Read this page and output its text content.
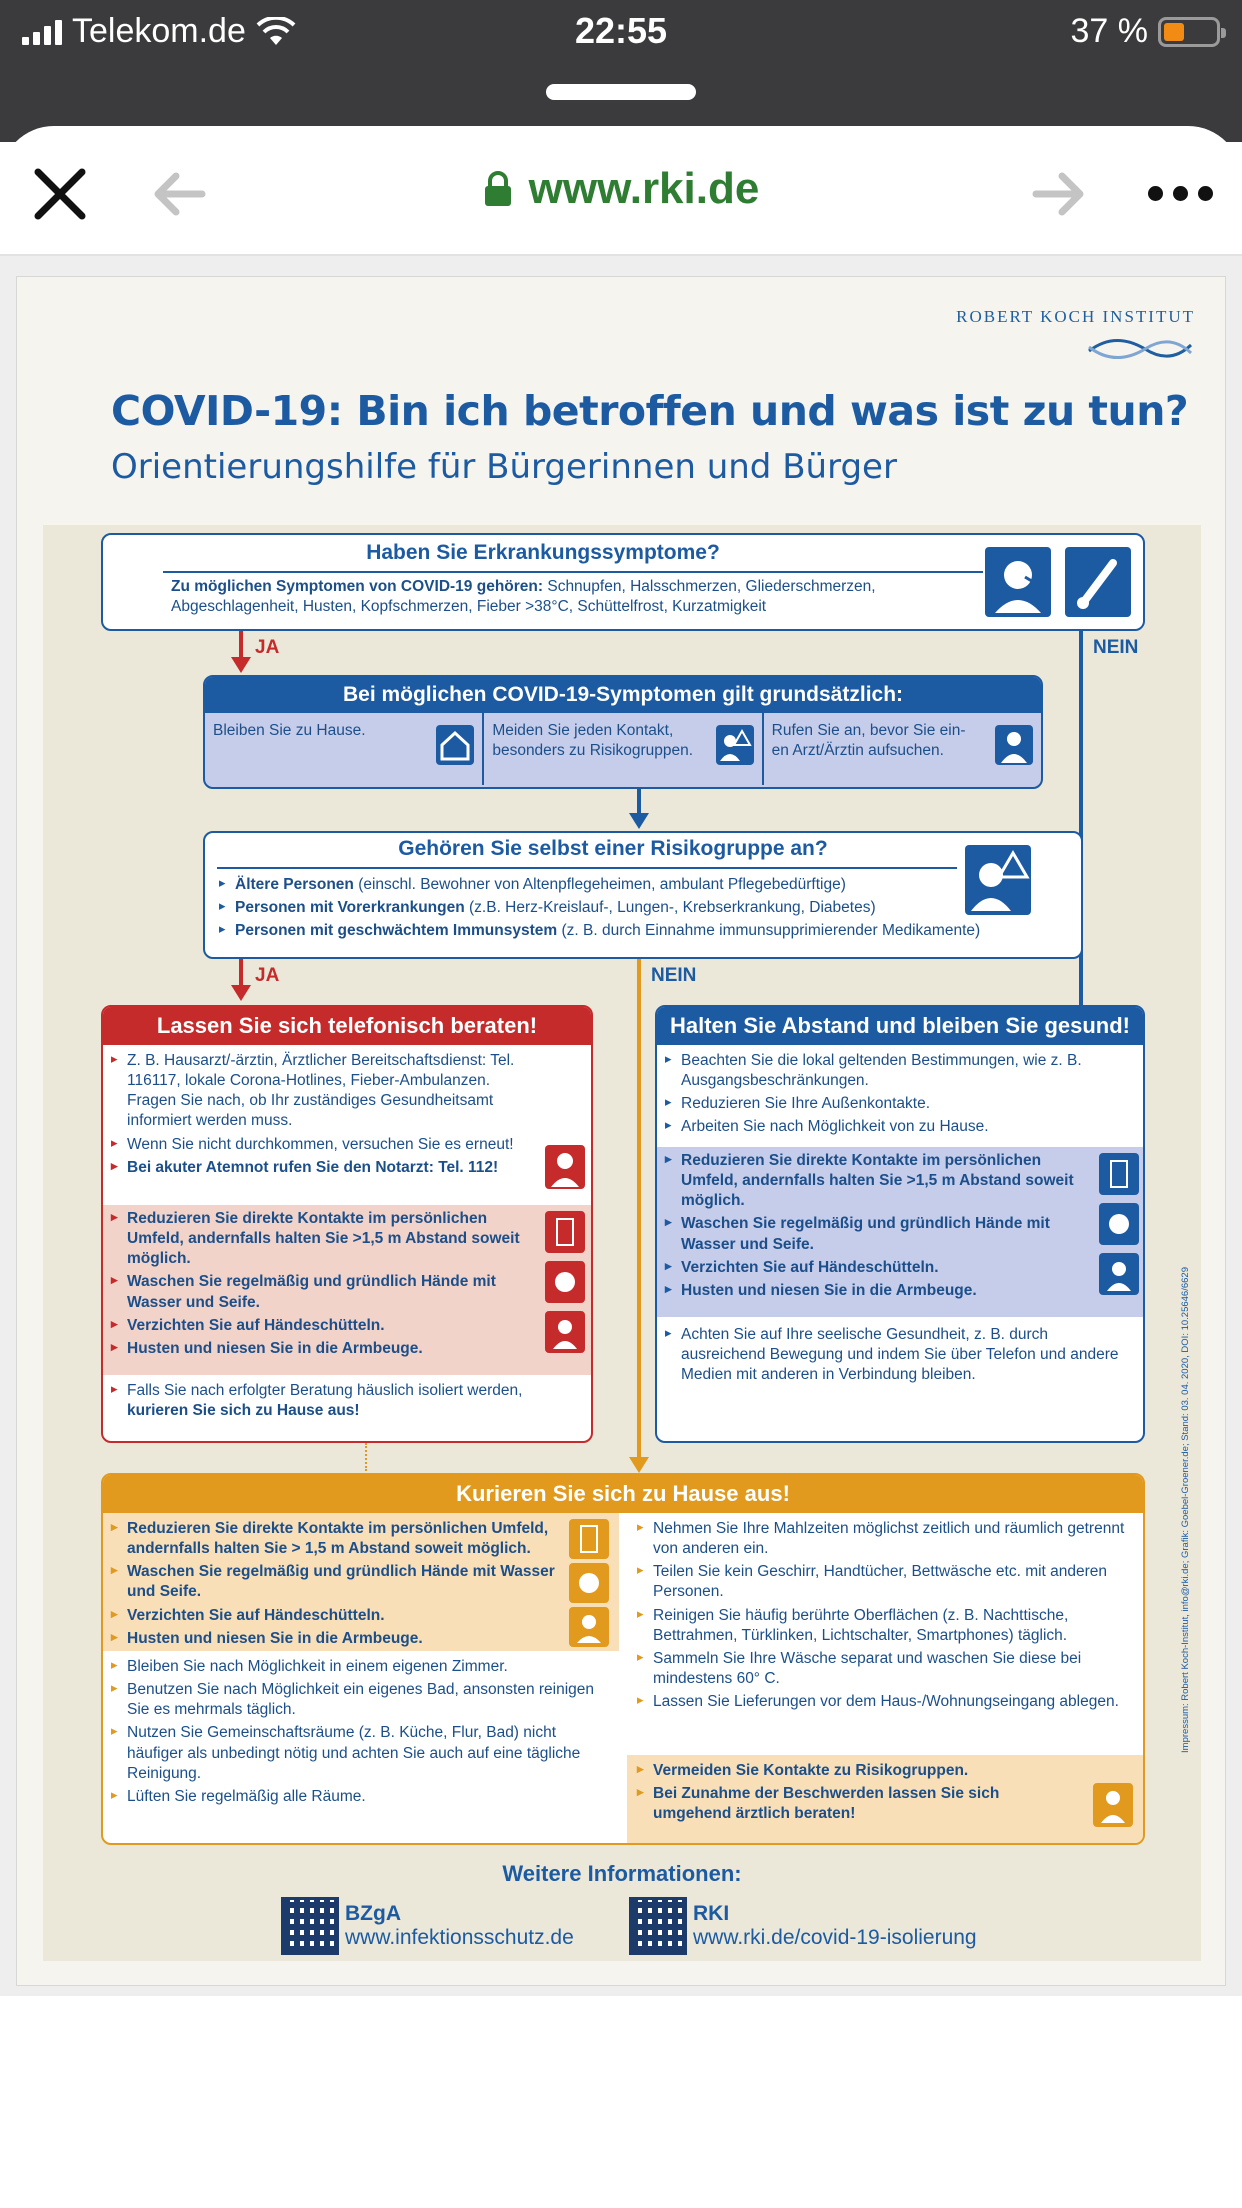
Telekom.de	22:55	37 %
www.rki.de
ROBERT KOCH INSTITUT
COVID-19: Bin ich betroffen und was ist zu tun?
Orientierungshilfe für Bürgerinnen und Bürger
Haben Sie Erkrankungssymptome?
Zu möglichen Symptomen von COVID-19 gehören: Schnupfen, Halsschmerzen, Gliederschmerzen, Abgeschlagenheit, Husten, Kopfschmerzen, Fieber >38°C, Schüttelfrost, Kurzatmigkeit
JA	NEIN
Bei möglichen COVID-19-Symptomen gilt grundsätzlich:
Bleiben Sie zu Hause.	Meiden Sie jeden Kontakt, besonders zu Risikogruppen.
Rufen Sie an, bevor Sie ein-en Arzt/Ärztin aufsuchen.
Gehören Sie selbst einer Risikogruppe an?
▸ Ältere Personen (einschl. Bewohner von Altenpflegeheimen, ambulant Pflegebedürftige)
▸ Personen mit Vorerkrankungen (z.B. Herz-Kreislauf-, Lungen-, Krebserkrankung, Diabetes)
▸ Personen mit geschwächtem Immunsystem (z. B. durch Einnahme immunsupprimierender Medikamente)
JA	NEIN
Lassen Sie sich telefonisch beraten!
▸ Z. B. Hausarzt/-ärztin, Ärztlicher Bereitschaftsdienst: Tel. 116117, lokale Corona-Hotlines, Fieber-Ambulanzen. Fragen Sie nach, ob Ihr zuständiges Gesundheitsamt informiert werden muss.
▸ Wenn Sie nicht durchkommen, versuchen Sie es erneut!
▸ Bei akuter Atemnot rufen Sie den Notarzt: Tel. 112!
▸ Reduzieren Sie direkte Kontakte im persönlichen Umfeld, andernfalls halten Sie >1,5 m Abstand soweit möglich.
▸ Waschen Sie regelmäßig und gründlich Hände mit Wasser und Seife.
▸ Verzichten Sie auf Händeschütteln.
▸ Husten und niesen Sie in die Armbeuge.
▸ Falls Sie nach erfolgter Beratung häuslich isoliert werden, kurieren Sie sich zu Hause aus!
Halten Sie Abstand und bleiben Sie gesund!
▸ Beachten Sie die lokal geltenden Bestimmungen, wie z. B. Ausgangsbeschränkungen.
▸ Reduzieren Sie Ihre Außenkontakte.
▸ Arbeiten Sie nach Möglichkeit von zu Hause.
▸ Reduzieren Sie direkte Kontakte im persönlichen Umfeld, andernfalls halten Sie >1,5 m Abstand soweit möglich.
▸ Waschen Sie regelmäßig und gründlich Hände mit Wasser und Seife.
▸ Verzichten Sie auf Händeschütteln.
▸ Husten und niesen Sie in die Armbeuge.
▸ Achten Sie auf Ihre seelische Gesundheit, z. B. durch ausreichend Bewegung und indem Sie über Telefon und andere Medien mit anderen in Verbindung bleiben.
Kurieren Sie sich zu Hause aus!
▸ Reduzieren Sie direkte Kontakte im persönlichen Umfeld, andernfalls halten Sie > 1,5 m Abstand soweit möglich.
▸ Waschen Sie regelmäßig und gründlich Hände mit Wasser und Seife.
▸ Verzichten Sie auf Händeschütteln.
▸ Husten und niesen Sie in die Armbeuge.
▸ Bleiben Sie nach Möglichkeit in einem eigenen Zimmer.
▸ Benutzen Sie nach Möglichkeit ein eigenes Bad, ansonsten reinigen Sie es mehrmals täglich.
▸ Nutzen Sie Gemeinschaftsräume (z. B. Küche, Flur, Bad) nicht häufiger als unbedingt nötig und achten Sie auch auf eine tägliche Reinigung.
▸ Lüften Sie regelmäßig alle Räume.
▸ Nehmen Sie Ihre Mahlzeiten möglichst zeitlich und räumlich getrennt von anderen ein.
▸ Teilen Sie kein Geschirr, Handtücher, Bettwäsche etc. mit anderen Personen.
▸ Reinigen Sie häufig berührte Oberflächen (z. B. Nachttische, Bettrahmen, Türklinken, Lichtschalter, Smartphones) täglich.
▸ Sammeln Sie Ihre Wäsche separat und waschen Sie diese bei mindestens 60° C.
▸ Lassen Sie Lieferungen vor dem Haus-/Wohnungseingang ablegen.
▸ Vermeiden Sie Kontakte zu Risikogruppen.
▸ Bei Zunahme der Beschwerden lassen Sie sich umgehend ärztlich beraten!
Weitere Informationen:
BZgA
www.infektionsschutz.de
RKI
www.rki.de/covid-19-isolierung
Impressum: Robert Koch-Institut, info@rki.de; Grafik: Goebel-Groener.de; Stand: 03. 04. 2020, DOI: 10.25646/6629
